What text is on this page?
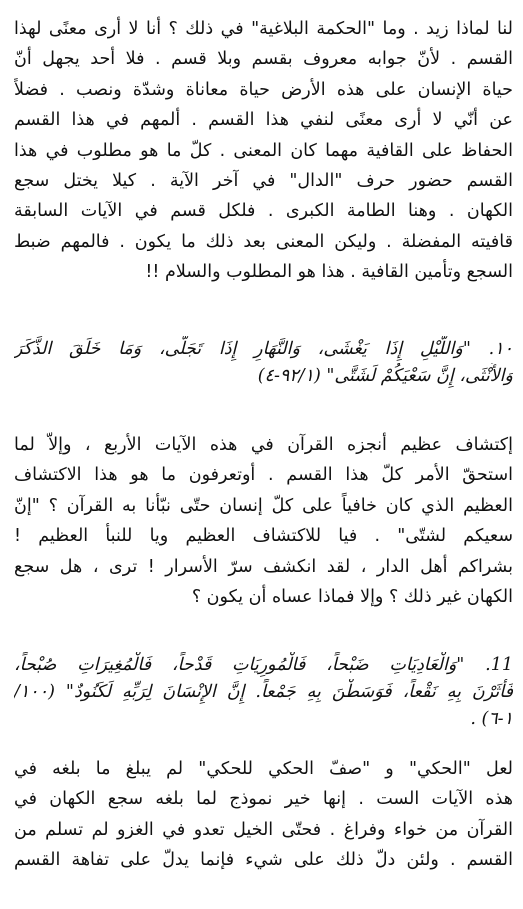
لنا لماذا زيد . وما "الحكمة البلاغية" في ذلك ؟ أنا لا أرى معنًى لهذا
القسم . لأنّ جوابه معروف بقسم وبلا قسم . فلا أحد يجهل أنّ
حياة الإنسان على هذه الأرض حياة معاناة وشدّة ونصب . فضلاً
عن أنّي لا أرى معنًى لنفي هذا القسم . ألمهم في هذا القسم
الحفاظ على القافية مهما كان المعنى . كلّ ما هو مطلوب في هذا
القسم حضور حرف "الدال" في آخر الآية . كيلا يختل سجع
الكهان . وهنا الطامة الكبرى . فلكل قسم في الآيات السابقة
قافيته المفضلة . وليكن المعنى بعد ذلك ما يكون . فالمهم ضبط
السجع وتأمين القافية . هذا هو المطلوب والسلام !!
١٠. "وَاللَّيْلِ إِذَا يَغْشَى، وَالنَّهَارِ إِذَا تَجَلَّى، وَمَا خَلَقَ الذَّكَرَ
وَالأُنْثَى، إِنَّ سَعْيَكُمْ لَشَتَّى" (٩٢/١-٤)
إكتشاف عظيم أنجزه القرآن في هذه الآيات الأربع ، وإلاّ لما
استحقّ الأمر كلّ هذا القسم . أوتعرفون ما هو هذا الاكتشاف
العظيم الذي كان خافياً على كلّ إنسان حتّى نبّأنا به القرآن ؟ "إنّ
سعيكم لشتّى" . فيا للاكتشاف العظيم ويا للنبأ العظيم !
بشراكم أهل الدار ، لقد انكشف سرّ الأسرار ! ترى ، هل سجع
الكهان غير ذلك ؟ وإلا فماذا عساه أن يكون ؟
11. "وَالْعَادِيَاتِ ضَبْحاً، فَالْمُورِيَاتِ قَدْحاً، فَالْمُغِيرَاتِ صُبْحاً،
فَأَثَرْنَ بِهِ نَقْعاً، فَوَسَطْنَ بِهِ جَمْعاً. إِنَّ الإِنْسَانَ لِرَبِّهِ لَكَنُودٌ" (١٠٠/
١-٦) .
لعل "الحكي" و "صفّ الحكي للحكي" لم يبلغ ما بلغه في
هذه الآيات الست . إنها خير نموذج لما بلغه سجع الكهان في
القرآن من خواء وفراغ . فحتّى الخيل تعدو في الغزو لم تسلم من
القسم . ولئن دلّ ذلك على شيء فإنما يدلّ على تفاهة القسم
